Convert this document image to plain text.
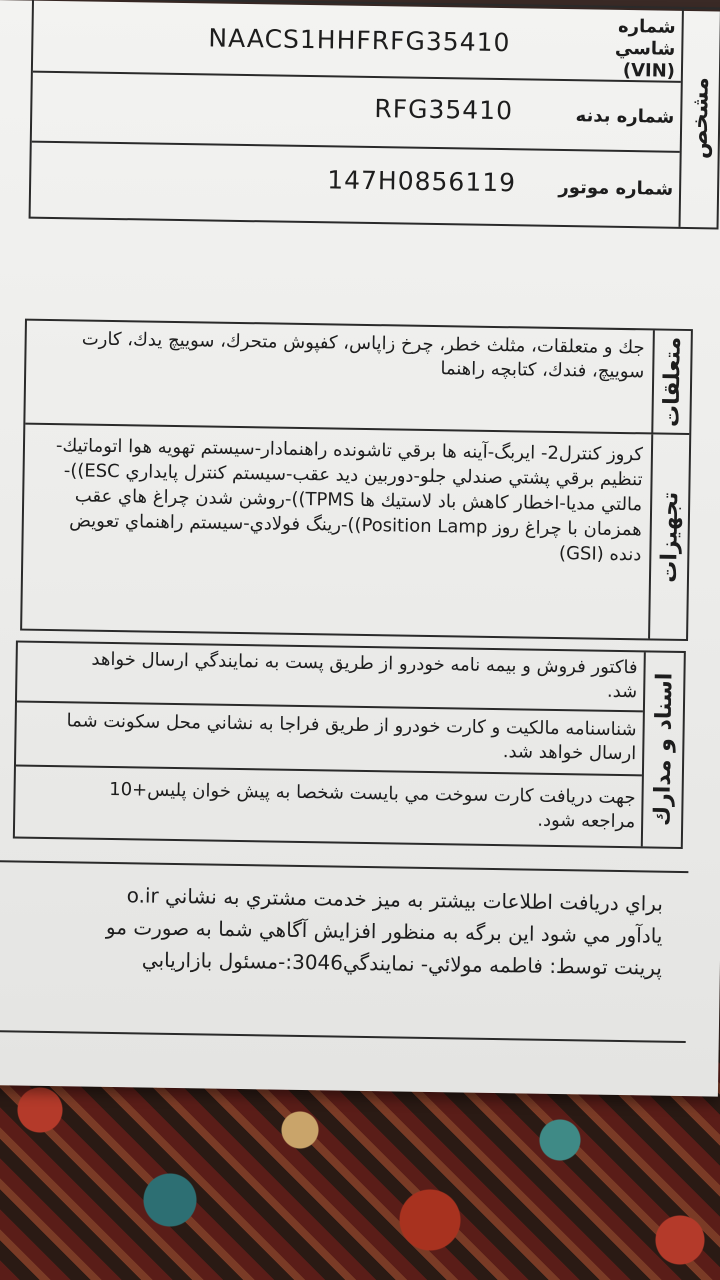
مشخص
شماره شاسي
(VIN)
NAACS1HHFRFG35410
شماره بدنه
RFG35410
شماره موتور
147H0856119
متعلقات
جك و متعلقات، مثلث خطر، چرخ زاپاس، كفپوش متحرك، سوييچ يدك، كارت سوييچ، فندك، كتابچه راهنما
تجهيزات
كروز كنترل2- ايربگ-آينه ها برقي تاشونده راهنمادار-سيستم تهويه هوا اتوماتيك-تنظيم برقي پشتي صندلي جلو-دوربين ديد عقب-سيستم كنترل پايداري ESC))-مالتي مديا-اخطار كاهش باد لاستيك ها TPMS))-روشن شدن چراغ هاي عقب همزمان با چراغ روز Position Lamp))-رينگ فولادي-سيستم راهنماي تعويض دنده (GSI)
اسناد و مدارك
فاكتور فروش و بيمه نامه خودرو از طريق پست به نمايندگي ارسال خواهد شد.
شناسنامه مالكيت و كارت خودرو از طريق فراجا به نشاني محل سكونت شما ارسال خواهد شد.
جهت دريافت كارت سوخت مي بايست شخصا به پيش خوان پليس+10 مراجعه شود.
براي دريافت اطلاعات بيشتر به ميز خدمت مشتري به نشاني o.ir
يادآور مي شود اين برگه به منظور افزايش آگاهي شما به صورت مو
پرينت توسط: فاطمه مولائي- نمايندگي3046:-مسئول بازاريابي
